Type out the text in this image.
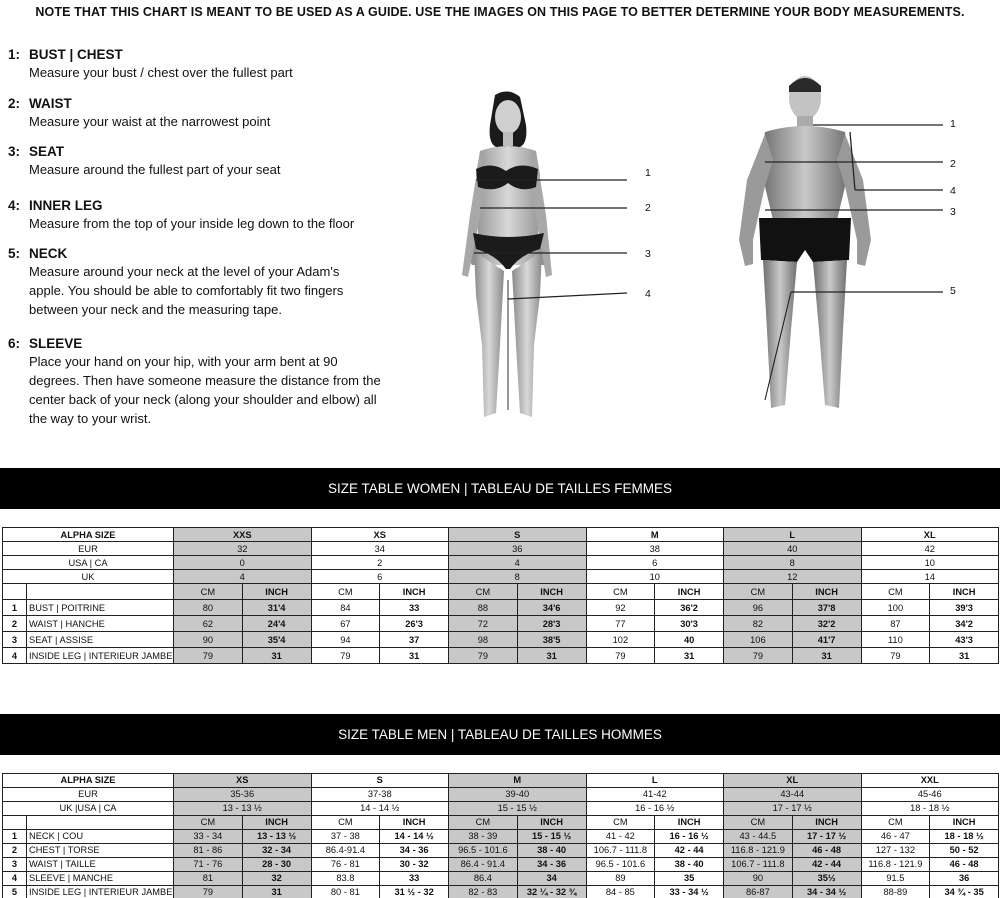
NOTE THAT THIS CHART IS MEANT TO BE USED AS A GUIDE. USE THE IMAGES ON THIS PAGE TO BETTER DETERMINE YOUR BODY MEASUREMENTS.
1: BUST | CHEST
Measure your bust / chest over the fullest part
2: WAIST
Measure your waist at the narrowest point
3: SEAT
Measure around the fullest part of your seat
4: INNER LEG
Measure from the top of your inside leg down to the floor
5: NECK
Measure around your neck at the level of your Adam's apple. You should be able to comfortably fit two fingers between your neck and the measuring tape.
6: SLEEVE
Place your hand on your hip, with your arm bent at 90 degrees. Then have someone measure the distance from the center back of your neck (along your shoulder and elbow) all the way to your wrist.
1
2
3
4
1
2
4
3
5
SIZE TABLE WOMEN | TABLEAU DE TAILLES FEMMES
ALPHA SIZE		XXS		XS		S		M		L		XL	
EUR		32		34		36		38		40		42	
USA | CA		0		2		4		6		8		10	
UK		4		6		8		10		12		14	
		CM	INCH	CM	INCH	CM	INCH	CM	INCH	CM	INCH	CM	INCH
1	BUST | POITRINE	80	31'4	84	33	88	34'6	92	36'2	96	37'8	100	39'3
2	WAIST | HANCHE	62	24'4	67	26'3	72	28'3	77	30'3	82	32'2	87	34'2
3	SEAT | ASSISE	90	35'4	94	37	98	38'5	102	40	106	41'7	110	43'3
4	INSIDE LEG | INTERIEUR JAMBE	79	31	79	31	79	31	79	31	79	31	79	31
SIZE TABLE MEN | TABLEAU DE TAILLES HOMMES
ALPHA SIZE		XS		S		M		L		XL		XXL	
EUR		35-36		37-38		39-40		41-42		43-44		45-46	
UK |USA | CA		13 - 13 ½		14 - 14 ½		15 - 15 ½		16 - 16 ½		17 - 17 ½		18 - 18 ½	
		CM	INCH	CM	INCH	CM	INCH	CM	INCH	CM	INCH	CM	INCH
1	NECK | COU	33 - 34	13 - 13 ½	37 - 38	14 - 14 ½	38 - 39	15 - 15 ½	41 - 42	16 - 16 ½	43 - 44.5	17 - 17 ½	46 - 47	18 - 18 ½
2	CHEST | TORSE	81 - 86	32 - 34	86.4-91.4	34 - 36	96.5 - 101.6	38 - 40	106.7 - 111.8	42 - 44	116.8 - 121.9	46 - 48	127 - 132	50 - 52
3	WAIST | TAILLE	71 - 76	28 - 30	76 - 81	30 - 32	86.4 - 91.4	34 - 36	96.5 - 101.6	38 - 40	106.7 - 111.8	42 - 44	116.8 - 121.9	46 - 48
4	SLEEVE | MANCHE	81	32	83.8	33	86.4	34	89	35	90	35½	91.5	36
5	INSIDE LEG | INTERIEUR JAMBE	79	31	80 - 81	31 ½ - 32	82 - 83	32 ¼ - 32 ¾	84 - 85	33 - 34 ½	86-87	34 - 34 ½	88-89	34 ¾ - 35
